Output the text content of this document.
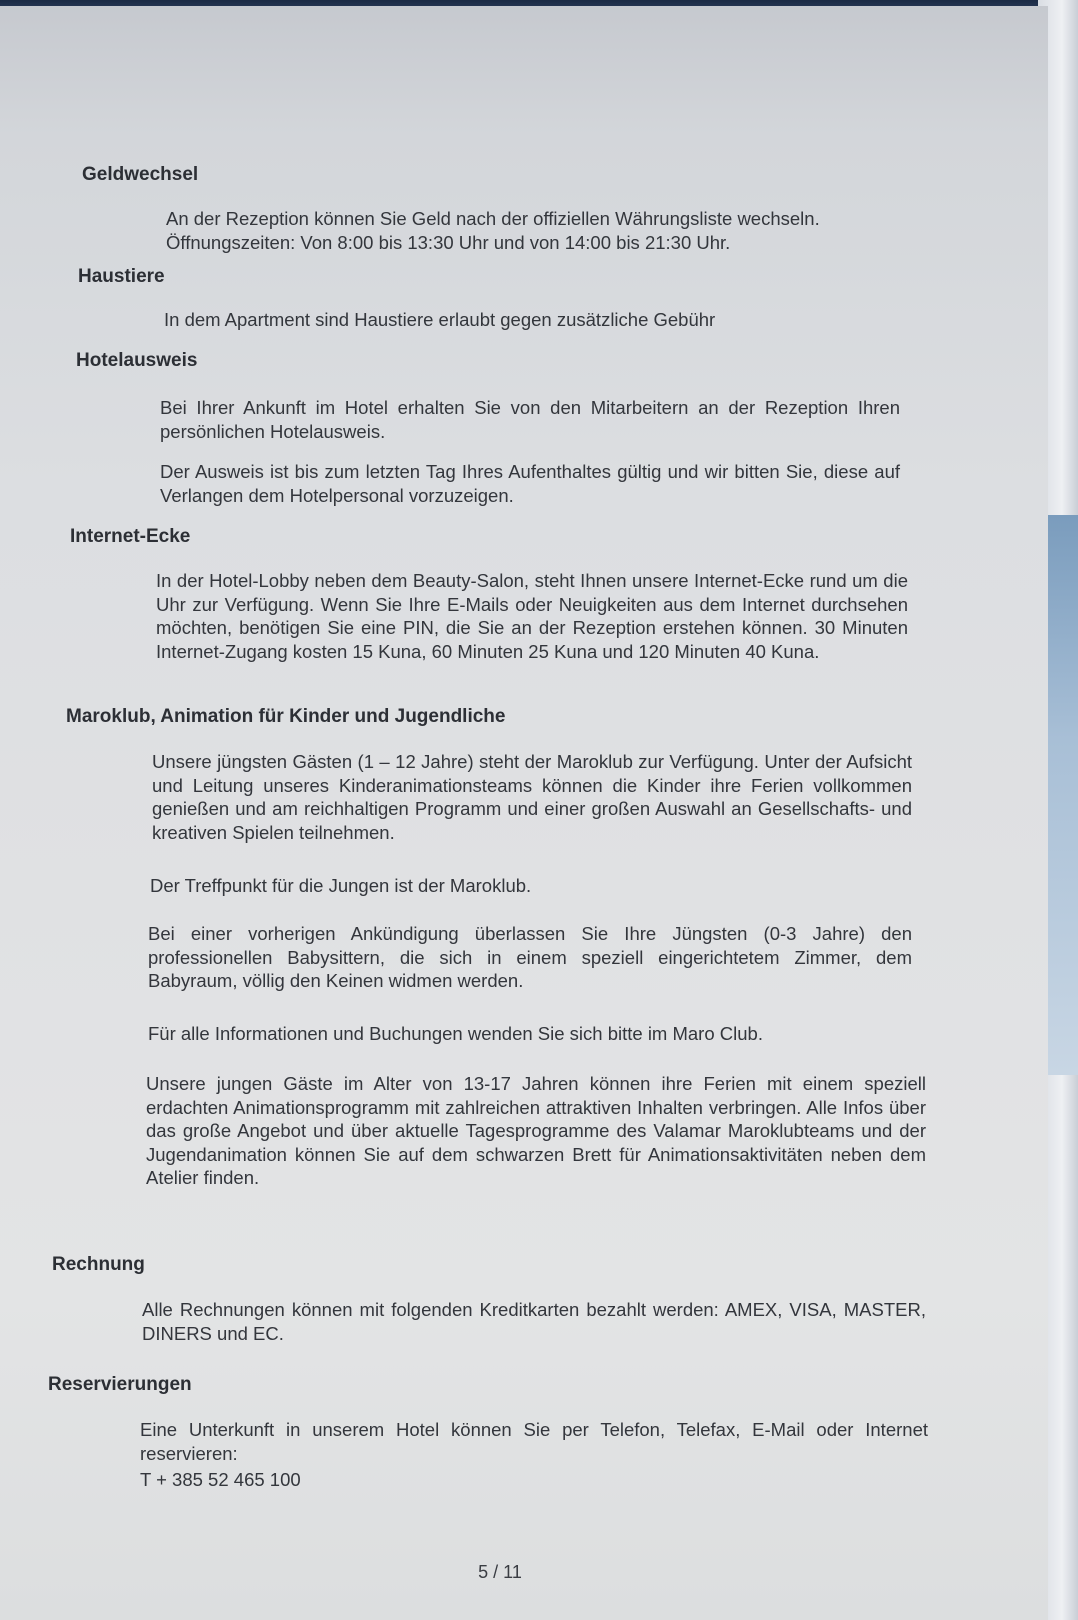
Geldwechsel
An der Rezeption können Sie Geld nach der offiziellen Währungsliste wechseln. Öffnungszeiten: Von 8:00 bis 13:30 Uhr und von 14:00 bis 21:30 Uhr.
Haustiere
In dem Apartment sind Haustiere erlaubt gegen zusätzliche Gebühr
Hotelausweis
Bei Ihrer Ankunft im Hotel erhalten Sie von den Mitarbeitern an der Rezeption Ihren persönlichen Hotelausweis.
Der Ausweis ist bis zum letzten Tag Ihres Aufenthaltes gültig und wir bitten Sie, diese auf Verlangen dem Hotelpersonal vorzuzeigen.
Internet-Ecke
In der Hotel-Lobby neben dem Beauty-Salon, steht Ihnen unsere Internet-Ecke rund um die Uhr zur Verfügung. Wenn Sie Ihre E-Mails oder Neuigkeiten aus dem Internet durchsehen möchten, benötigen Sie eine PIN, die Sie an der Rezeption erstehen können. 30 Minuten Internet-Zugang kosten 15 Kuna, 60 Minuten 25 Kuna und 120 Minuten 40 Kuna.
Maroklub, Animation für Kinder und Jugendliche
Unsere jüngsten Gästen (1 – 12 Jahre) steht der Maroklub zur Verfügung. Unter der Aufsicht und Leitung unseres Kinderanimationsteams können die Kinder ihre Ferien vollkommen genießen und am reichhaltigen Programm und einer großen Auswahl an Gesellschafts- und kreativen Spielen teilnehmen.
Der Treffpunkt für die Jungen ist der Maroklub.
Bei einer vorherigen Ankündigung überlassen Sie Ihre Jüngsten (0-3 Jahre) den professionellen Babysittern, die sich in einem speziell eingerichtetem Zimmer, dem Babyraum, völlig den Keinen widmen werden.
Für alle Informationen und Buchungen wenden Sie sich bitte im Maro Club.
Unsere jungen Gäste im Alter von 13-17 Jahren können ihre Ferien mit einem speziell erdachten Animationsprogramm mit zahlreichen attraktiven Inhalten verbringen. Alle Infos über das große Angebot und über aktuelle Tagesprogramme des Valamar Maroklubteams und der Jugendanimation können Sie auf dem schwarzen Brett für Animationsaktivitäten neben dem Atelier finden.
Rechnung
Alle Rechnungen können mit folgenden Kreditkarten bezahlt werden: AMEX, VISA, MASTER, DINERS und EC.
Reservierungen
Eine Unterkunft in unserem Hotel können Sie per Telefon, Telefax, E-Mail oder Internet reservieren:
T + 385 52 465 100
5 / 11
